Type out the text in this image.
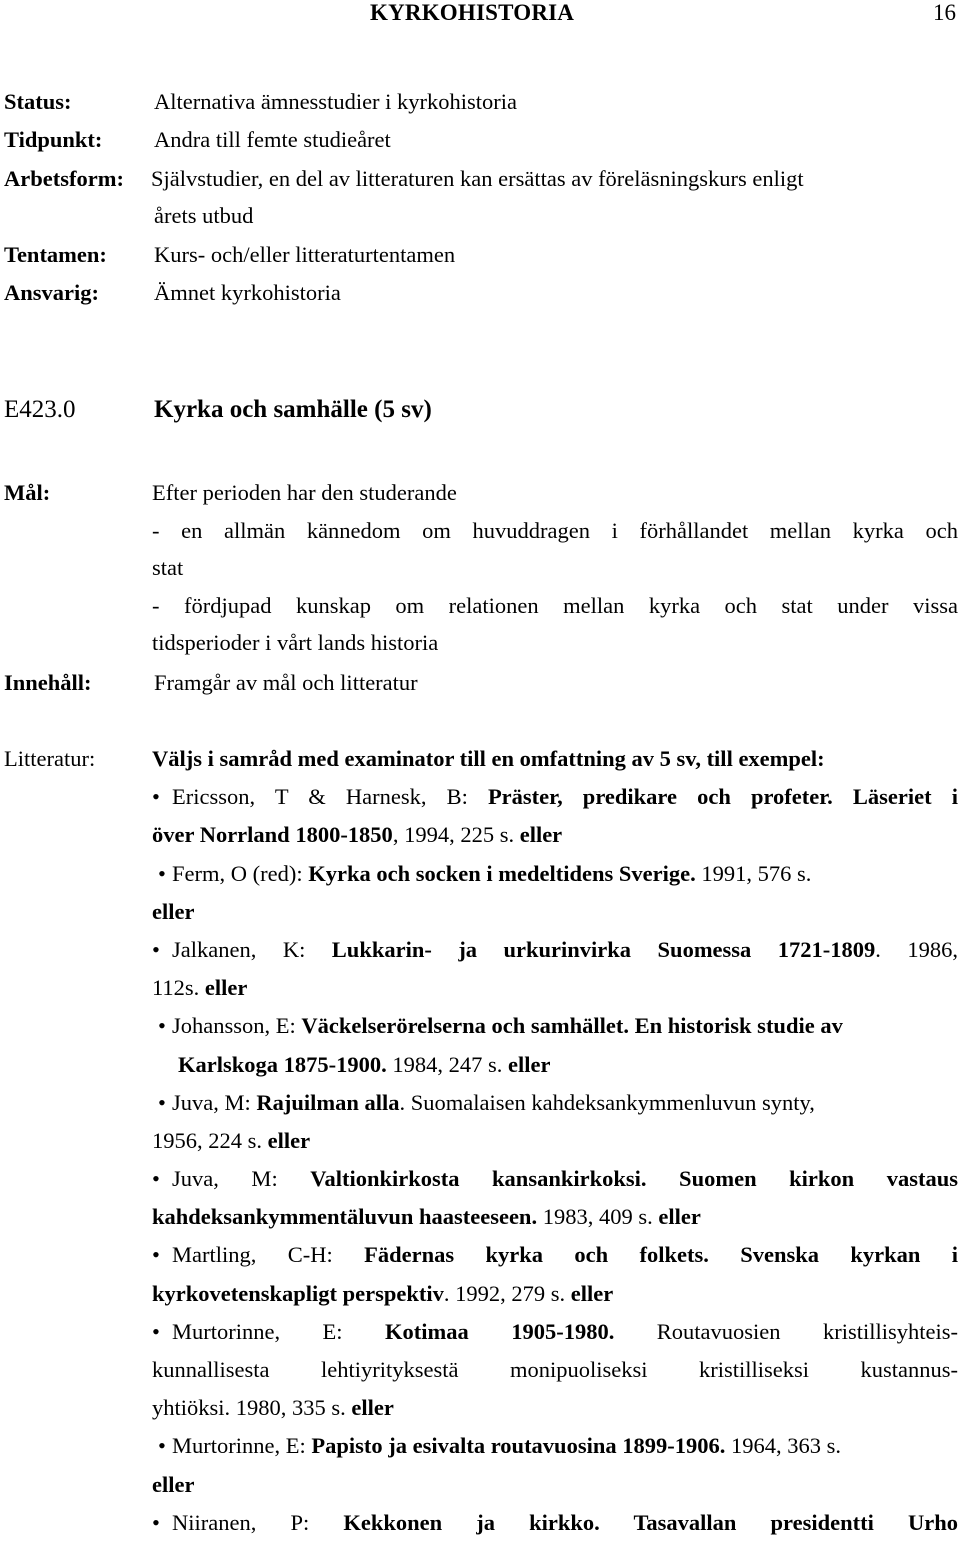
KYRKOHISTORIA	16
Status:	Alternativa ämnesstudier i kyrkohistoria
Tidpunkt: Andra till femte studieåret
Arbetsform: Självstudier, en del av litteraturen kan ersättas av föreläsningskurs enligt
årets utbud
Tentamen: Kurs- och/eller litteraturtentamen
Ansvarig: Ämnet kyrkohistoria
E423.0	Kyrka och samhälle (5 sv)
Mål:	Efter perioden har den studerande
- en allmän kännedom om huvuddragen i förhållandet mellan kyrka och
stat
- fördjupad kunskap om relationen mellan kyrka och stat under vissa
tidsperioder i vårt lands historia
Innehåll:	Framgår av mål och litteratur
Litteratur:	Väljs i samråd med examinator till en omfattning av 5 sv, till exempel:
• Ericsson, T & Harnesk, B: Präster, predikare och profeter. Läseriet i
över Norrland 1800-1850, 1994, 225 s. eller
• Ferm, O (red): Kyrka och socken i medeltidens Sverige. 1991, 576 s.
eller
• Jalkanen, K: Lukkarin- ja urkurinvirka Suomessa 1721-1809. 1986,
112s. eller
• Johansson, E: Väckelserörelserna och samhället. En historisk studie av
Karlskoga 1875-1900. 1984, 247 s. eller
• Juva, M: Rajuilman alla. Suomalaisen kahdeksankymmenluvun synty,
1956, 224 s. eller
• Juva, M: Valtionkirkosta kansankirkoksi. Suomen kirkon vastaus
kahdeksankymmentäluvun haasteeseen. 1983, 409 s. eller
• Martling, C-H: Fädernas kyrka och folkets. Svenska kyrkan i
kyrkovetenskapligt perspektiv. 1992, 279 s. eller
• Murtorinne, E: Kotimaa 1905-1980. Routavuosien kristillisyhteis-
kunnallisesta lehtiyrityksestä monipuoliseksi kristilliseksi kustannus-
yhtiöksi. 1980, 335 s. eller
• Murtorinne, E: Papisto ja esivalta routavuosina 1899-1906. 1964, 363 s.
eller
• Niiranen, P: Kekkonen ja kirkko. Tasavallan presidentti Urho
